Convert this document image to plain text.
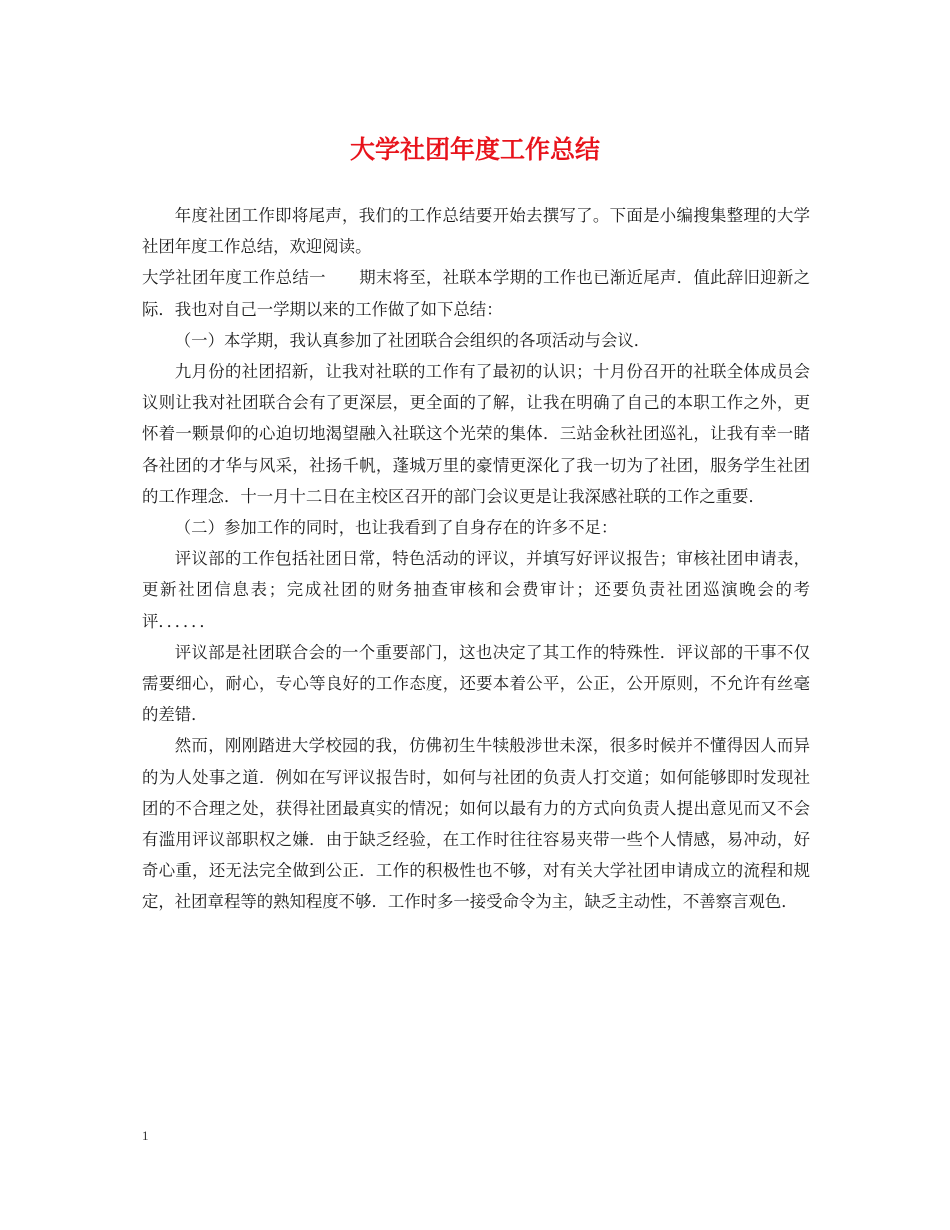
大学社团年度工作总结

年度社团工作即将尾声，我们的工作总结要开始去撰写了。下面是小编搜集整理的大学社团年度工作总结，欢迎阅读。

大学社团年度工作总结一　　期末将至，社联本学期的工作也已渐近尾声．值此辞旧迎新之际．我也对自己一学期以来的工作做了如下总结：

（一）本学期，我认真参加了社团联合会组织的各项活动与会议．

九月份的社团招新，让我对社联的工作有了最初的认识；十月份召开的社联全体成员会议则让我对社团联合会有了更深层，更全面的了解，让我在明确了自己的本职工作之外，更怀着一颗景仰的心迫切地渴望融入社联这个光荣的集体．三站金秋社团巡礼，让我有幸一睹各社团的才华与风采，社扬千帆，蓬城万里的豪情更深化了我一切为了社团，服务学生社团的工作理念．十一月十二日在主校区召开的部门会议更是让我深感社联的工作之重要．

（二）参加工作的同时，也让我看到了自身存在的许多不足：

评议部的工作包括社团日常，特色活动的评议，并填写好评议报告；审核社团申请表，更新社团信息表；完成社团的财务抽查审核和会费审计；还要负责社团巡演晚会的考评．．．．．．

评议部是社团联合会的一个重要部门，这也决定了其工作的特殊性．评议部的干事不仅需要细心，耐心，专心等良好的工作态度，还要本着公平，公正，公开原则，不允许有丝毫的差错．

然而，刚刚踏进大学校园的我，仿佛初生牛犊般涉世未深，很多时候并不懂得因人而异的为人处事之道．例如在写评议报告时，如何与社团的负责人打交道；如何能够即时发现社团的不合理之处，获得社团最真实的情况；如何以最有力的方式向负责人提出意见而又不会有滥用评议部职权之嫌．由于缺乏经验，在工作时往往容易夹带一些个人情感，易冲动，好奇心重，还无法完全做到公正．工作的积极性也不够，对有关大学社团申请成立的流程和规定，社团章程等的熟知程度不够．工作时多一接受命令为主，缺乏主动性，不善察言观色．

1
